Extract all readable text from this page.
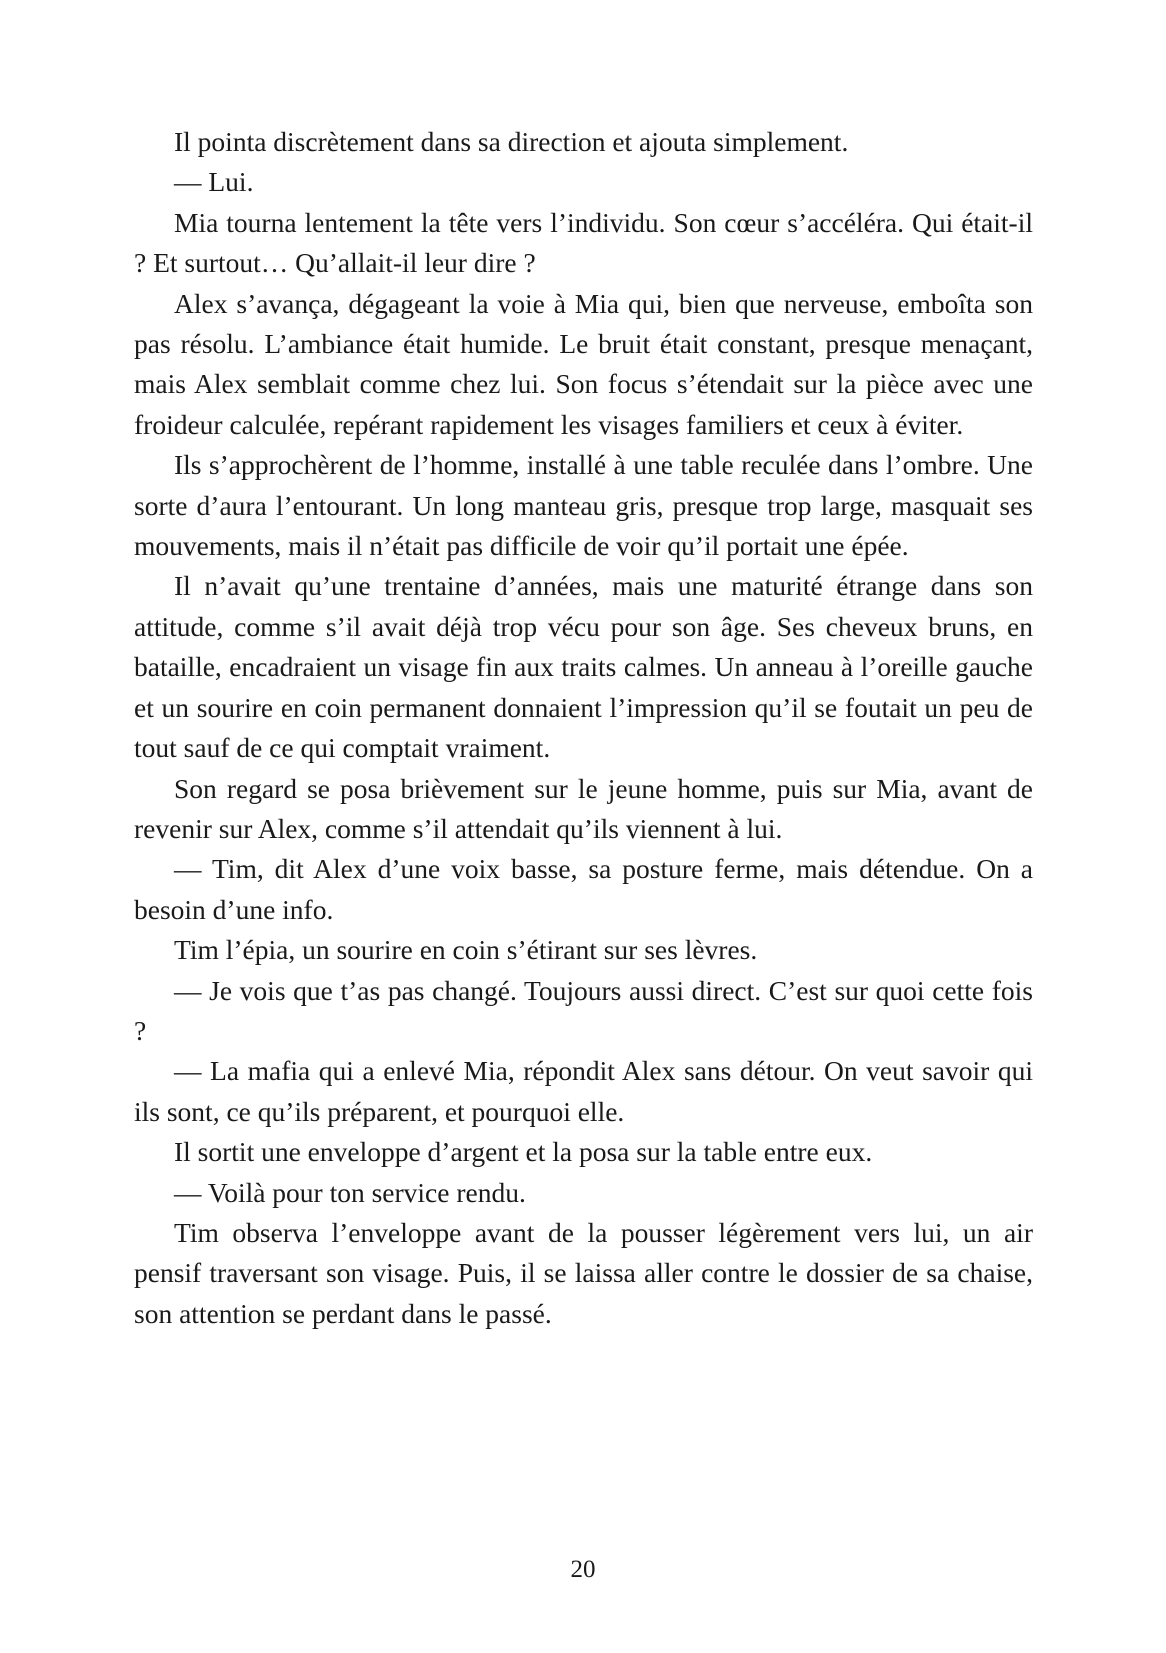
Il pointa discrètement dans sa direction et ajouta simplement.

— Lui.

Mia tourna lentement la tête vers l’individu. Son cœur s’accéléra. Qui était-il ? Et surtout… Qu’allait-il leur dire ?

Alex s’avança, dégageant la voie à Mia qui, bien que nerveuse, emboîta son pas résolu. L’ambiance était humide. Le bruit était constant, presque menaçant, mais Alex semblait comme chez lui. Son focus s’étendait sur la pièce avec une froideur calculée, repérant rapidement les visages familiers et ceux à éviter.

Ils s’approchèrent de l’homme, installé à une table reculée dans l’ombre. Une sorte d’aura l’entourant. Un long manteau gris, presque trop large, masquait ses mouvements, mais il n’était pas difficile de voir qu’il portait une épée.

Il n’avait qu’une trentaine d’années, mais une maturité étrange dans son attitude, comme s’il avait déjà trop vécu pour son âge. Ses cheveux bruns, en bataille, encadraient un visage fin aux traits calmes. Un anneau à l’oreille gauche et un sourire en coin permanent donnaient l’impression qu’il se foutait un peu de tout sauf de ce qui comptait vraiment.

Son regard se posa brièvement sur le jeune homme, puis sur Mia, avant de revenir sur Alex, comme s’il attendait qu’ils viennent à lui.

— Tim, dit Alex d’une voix basse, sa posture ferme, mais détendue. On a besoin d’une info.

Tim l’épia, un sourire en coin s’étirant sur ses lèvres.

— Je vois que t’as pas changé. Toujours aussi direct. C’est sur quoi cette fois ?

— La mafia qui a enlevé Mia, répondit Alex sans détour. On veut savoir qui ils sont, ce qu’ils préparent, et pourquoi elle.

Il sortit une enveloppe d’argent et la posa sur la table entre eux.

— Voilà pour ton service rendu.

Tim observa l’enveloppe avant de la pousser légèrement vers lui, un air pensif traversant son visage. Puis, il se laissa aller contre le dossier de sa chaise, son attention se perdant dans le passé.

20
